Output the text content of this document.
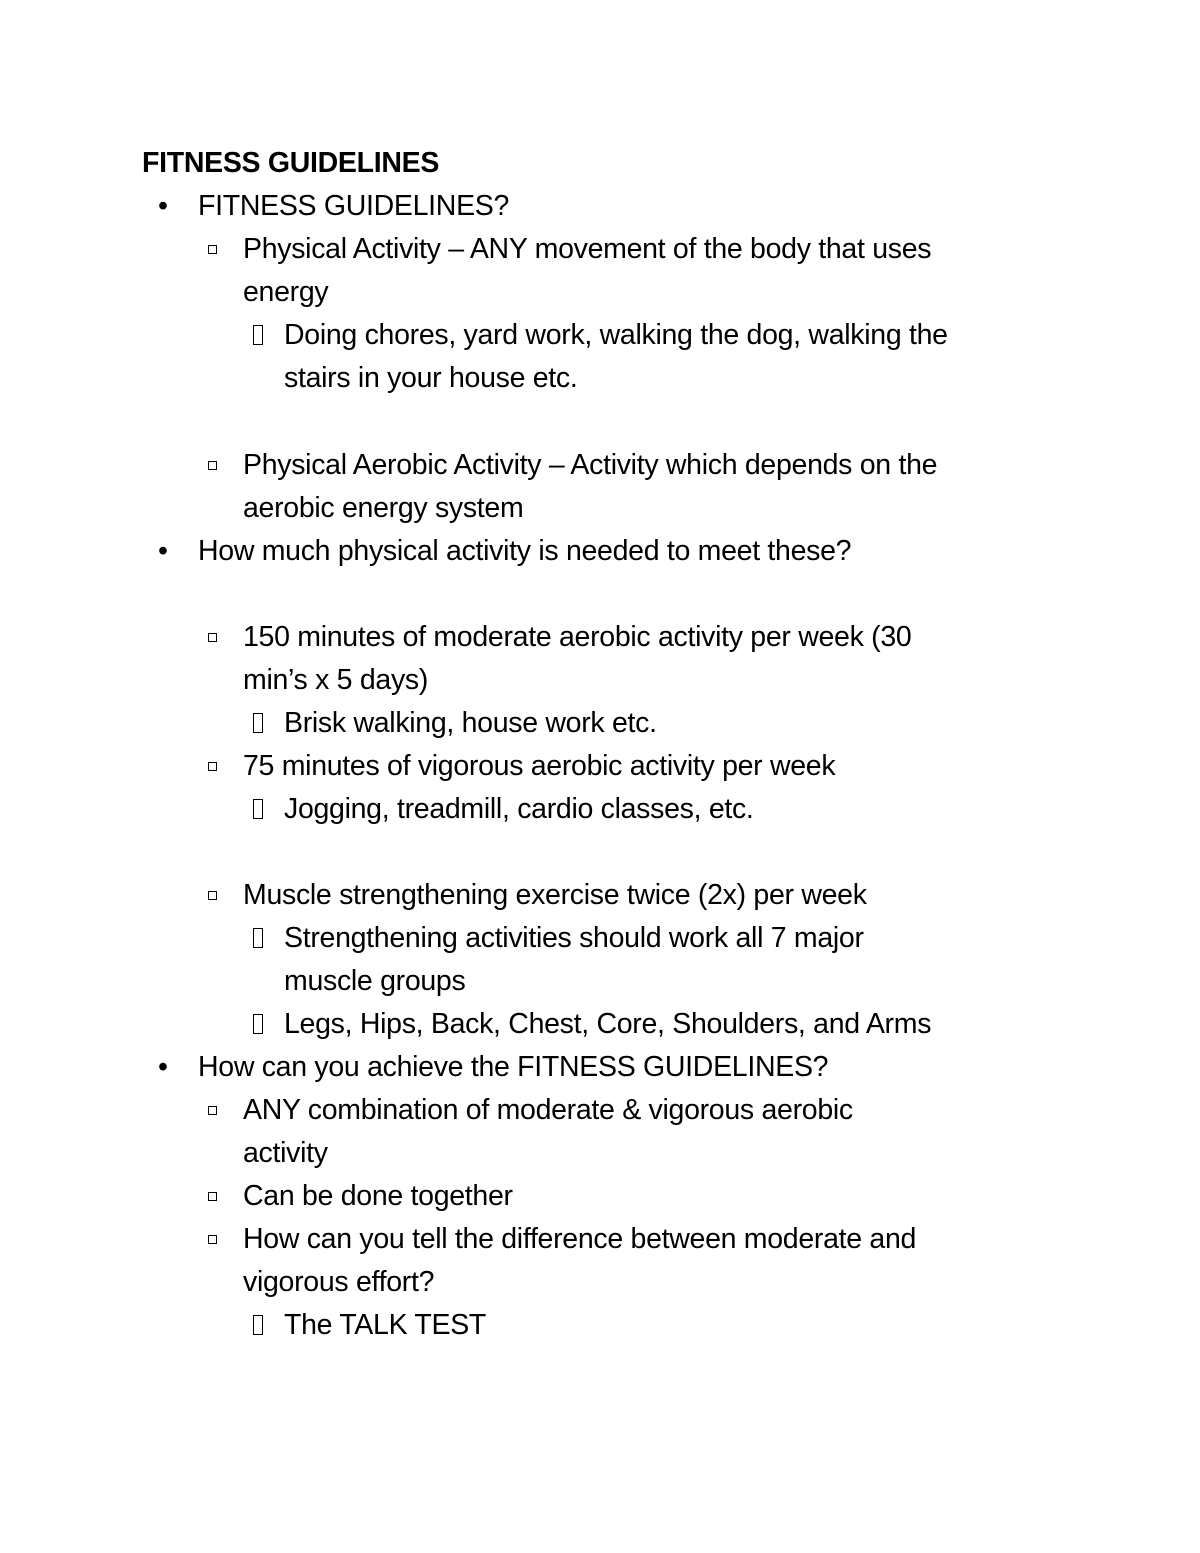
FITNESS GUIDELINES
• FITNESS GUIDELINES?
Physical Activity – ANY movement of the body that uses
energy
Doing chores, yard work, walking the dog, walking the
stairs in your house etc.
Physical Aerobic Activity – Activity which depends on the
aerobic energy system
• How much physical activity is needed to meet these?
150 minutes of moderate aerobic activity per week (30
min’s x 5 days)
Brisk walking, house work etc.
75 minutes of vigorous aerobic activity per week
Jogging, treadmill, cardio classes, etc.
Muscle strengthening exercise twice (2x) per week
Strengthening activities should work all 7 major
muscle groups
Legs, Hips, Back, Chest, Core, Shoulders, and Arms
• How can you achieve the FITNESS GUIDELINES?
ANY combination of moderate & vigorous aerobic
activity
Can be done together
How can you tell the difference between moderate and
vigorous effort?
The TALK TEST
